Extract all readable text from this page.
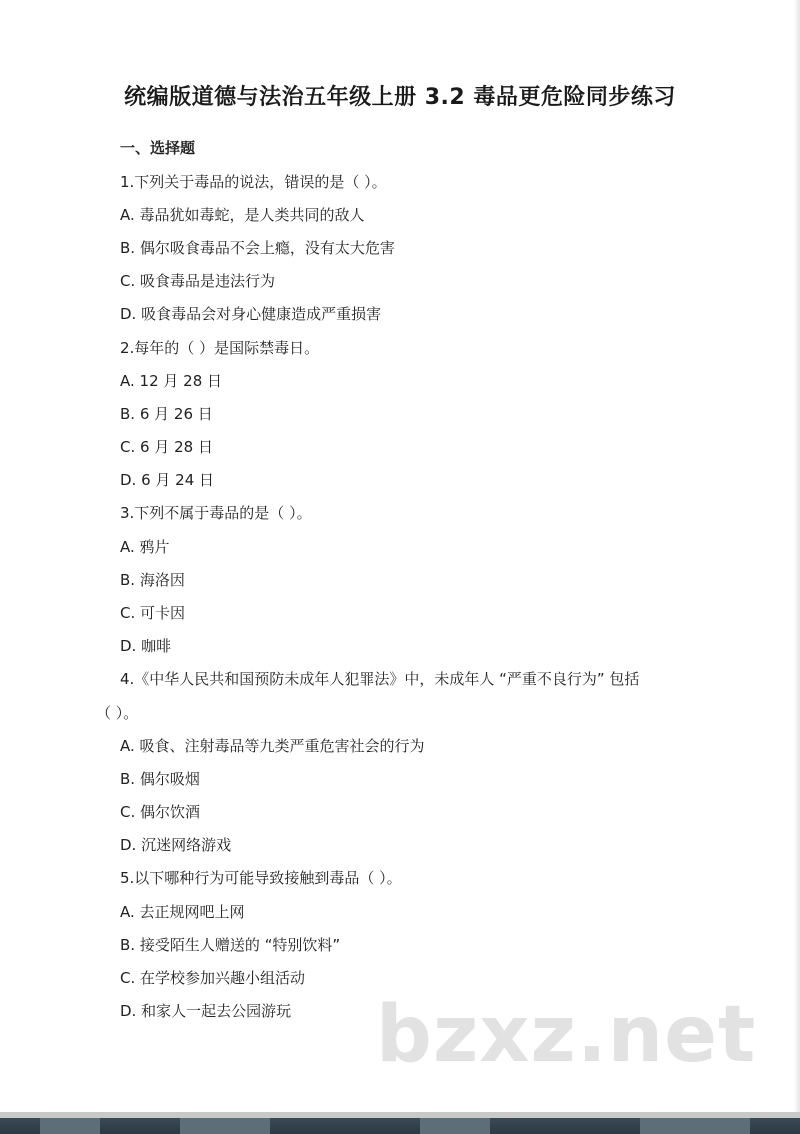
统编版道德与法治五年级上册 3.2 毒品更危险同步练习
一、选择题
1.下列关于毒品的说法，错误的是（ ）。
A. 毒品犹如毒蛇，是人类共同的敌人
B. 偶尔吸食毒品不会上瘾，没有太大危害
C. 吸食毒品是违法行为
D. 吸食毒品会对身心健康造成严重损害
2.每年的（ ）是国际禁毒日。
A. 12 月 28 日
B. 6 月 26 日
C. 6 月 28 日
D. 6 月 24 日
3.下列不属于毒品的是（ ）。
A. 鸦片
B. 海洛因
C. 可卡因
D. 咖啡
4.《中华人民共和国预防未成年人犯罪法》中，未成年人 “严重不良行为” 包括
（ ）。
A. 吸食、注射毒品等九类严重危害社会的行为
B. 偶尔吸烟
C. 偶尔饮酒
D. 沉迷网络游戏
5.以下哪种行为可能导致接触到毒品（ ）。
A. 去正规网吧上网
B. 接受陌生人赠送的 “特别饮料”
C. 在学校参加兴趣小组活动
D. 和家人一起去公园游玩 bzxz.net
